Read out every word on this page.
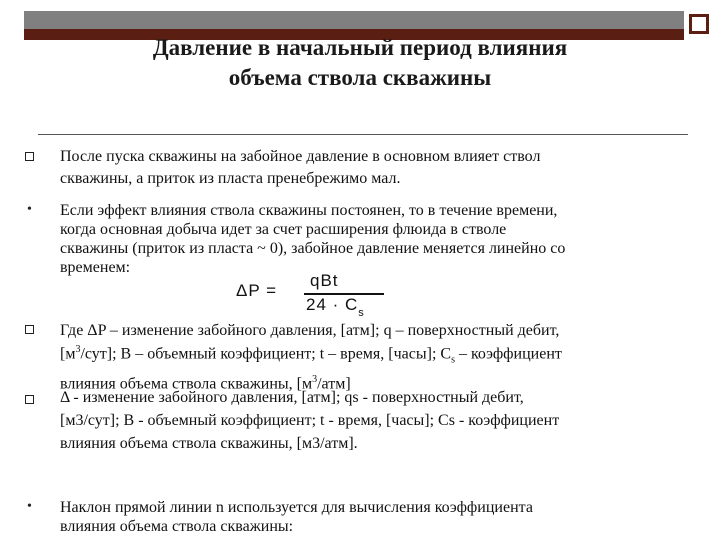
Давление в начальный период влияния
объема ствола скважины
После пуска скважины на забойное давление в основном влияет ствол
скважины, а приток из пласта пренебрежимо мал.
• Если эффект влияния ствола скважины постоянен, то в течение времени,
когда основная добыча идет за счет расширения флюида в стволе
скважины (приток из пласта ~ 0), забойное давление меняется линейно со
временем:
ΔP =
qBt
$24 \cdot C_s$
Где ΔP – изменение забойного давления, [атм]; q – поверхностный дебит,
$[м^3/сут]$; B – объемный коэффициент; t – время, [часы]; $C_s$ – коэффициент
влияния объема ствола скважины, $[м^3/атм]$
Δ - изменение забойного давления, [атм]; qs - поверхностный дебит,
[м3/сут]; B - объемный коэффициент; t - время, [часы]; Cs - коэффициент
влияния объема ствола скважины, [м3/атм].
• Наклон прямой линии n используется для вычисления коэффициента
влияния объема ствола скважины:
